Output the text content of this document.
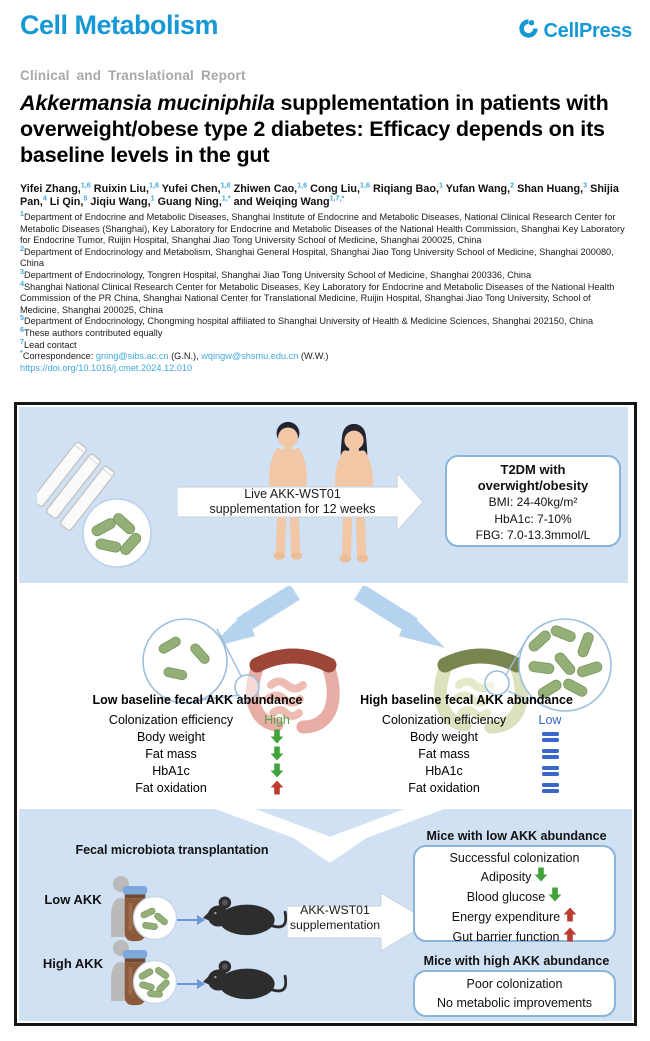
Cell Metabolism	CellPress
Clinical and Translational Report
Akkermansia muciniphila supplementation in patients with overweight/obese type 2 diabetes: Efficacy depends on its baseline levels in the gut
Yifei Zhang,$^{1,6}$ Ruixin Liu,$^{1,6}$ Yufei Chen,$^{1,6}$ Zhiwen Cao,$^{1,6}$ Cong Liu,$^{1,6}$ Riqiang Bao,$^1$ Yufan Wang,$^2$ Shan Huang,$^3$ Shijia Pan,$^4$ Li Qin,$^5$ Jiqiu Wang,$^1$ Guang Ning,$^{1,*}$ and Weiqing Wang$^{1,7,*}$
$^1$Department of Endocrine and Metabolic Diseases, Shanghai Institute of Endocrine and Metabolic Diseases, National Clinical Research Center for Metabolic Diseases (Shanghai), Key Laboratory for Endocrine and Metabolic Diseases of the National Health Commission, Shanghai Key Laboratory for Endocrine Tumor, Ruijin Hospital, Shanghai Jiao Tong University School of Medicine, Shanghai 200025, China
$^2$Department of Endocrinology and Metabolism, Shanghai General Hospital, Shanghai Jiao Tong University School of Medicine, Shanghai 200080, China
$^3$Department of Endocrinology, Tongren Hospital, Shanghai Jiao Tong University School of Medicine, Shanghai 200336, China
$^4$Shanghai National Clinical Research Center for Metabolic Diseases, Key Laboratory for Endocrine and Metabolic Diseases of the National Health Commission of the PR China, Shanghai National Center for Translational Medicine, Ruijin Hospital, Shanghai Jiao Tong University, School of Medicine, Shanghai 200025, China
$^5$Department of Endocrinology, Chongming hospital affiliated to Shanghai University of Health & Medicine Sciences, Shanghai 202150, China
$^6$These authors contributed equally
$^7$Lead contact
*Correspondence: gning@sibs.ac.cn (G.N.), wqingw@shsmu.edu.cn (W.W.)
https://doi.org/10.1016/j.cmet.2024.12.010
Live AKK-WST01
supplementation for 12 weeks
T2DM with
overwight/obesity
BMI: 24-40kg/m²
HbA1c: 7-10%
FBG: 7.0-13.3mmol/L
Low baseline fecal AKK abundance	High baseline fecal AKK abundance
Colonization efficiency	High
Body weight
Fat mass
HbA1c
Fat oxidation
Colonization efficiency	Low
Body weight
Fat mass
HbA1c
Fat oxidation
Fecal microbiota transplantation
Low AKK
High AKK
AKK-WST01
supplementation
Mice with low AKK abundance
Successful colonization
Adiposity
Blood glucose
Energy expenditure
Gut barrier function
Mice with high AKK abundance
Poor colonization
No metabolic improvements
